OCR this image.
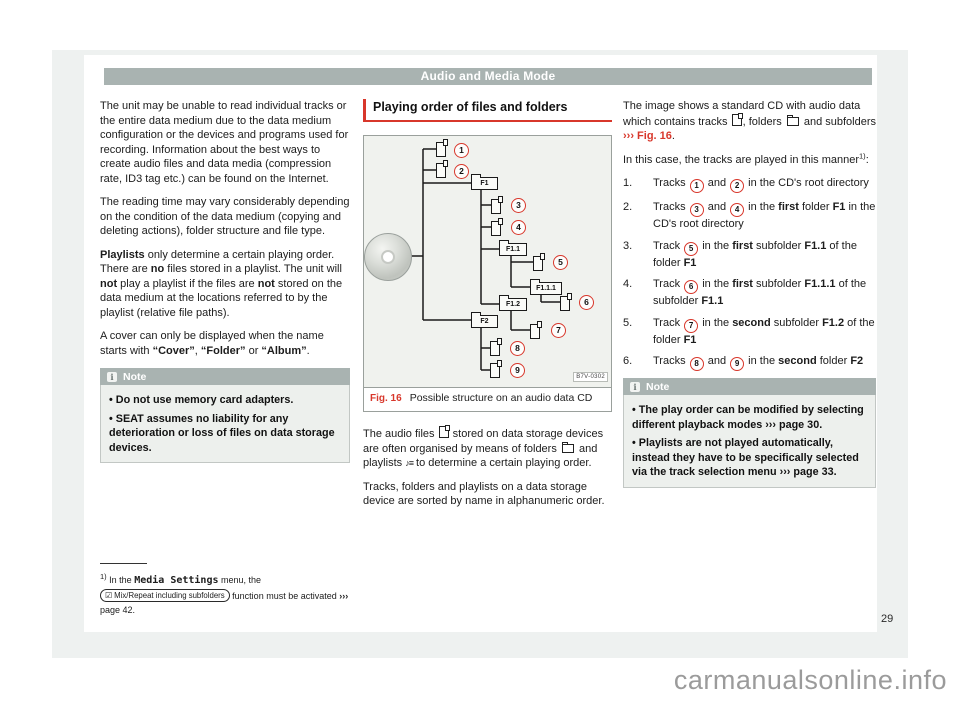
Audio and Media Mode

The unit may be unable to read individual tracks or the entire data medium due to the data medium configuration or the devices and programs used for recording. Information about the best ways to create audio files and data media (compression rate, ID3 tag etc.) can be found on the Internet.

The reading time may vary considerably depending on the condition of the data medium (copying and deleting actions), folder structure and file type.

Playlists only determine a certain playing order. There are no files stored in a playlist. The unit will not play a playlist if the files are not stored on the data medium at the locations referred to by the playlist (relative file paths).

A cover can only be displayed when the name starts with “Cover”, “Folder” or “Album”.

i Note

• Do not use memory card adapters.

• SEAT assumes no liability for any deterioration or loss of files on data storage devices.

Playing order of files and folders
1
2
3
4
5
6
7
8
9
F1
F1.1
F1.1.1
F1.2
F2
B7V-0302
Fig. 16 Possible structure on an audio data CD

The audio files  stored on data storage devices are often organised by means of folders  and playlists ♪≡ to determine a certain playing order.

Tracks, folders and playlists on a data storage device are sorted by name in alphanumeric order.

The image shows a standard CD with audio data which contains tracks , folders  and subfolders ››› Fig. 16.

In this case, the tracks are played in this manner$^{1)}$:

1.	Tracks 1 and 2 in the CD's root directory
2.	Tracks 3 and 4 in the first folder F1 in the CD's root directory
3.	Track 5 in the first subfolder F1.1 of the folder F1
4.	Track 6 in the first subfolder F1.1.1 of the subfolder F1.1
5.	Track 7 in the second subfolder F1.2 of the folder F1
6.	Tracks 8 and 9 in the second folder F2
i Note

• The play order can be modified by selecting different playback modes ››› page 30.

• Playlists are not played automatically, instead they have to be specifically selected via the track selection menu ››› page 33.

$^{1)}$ In the Media Settings menu, the ☑ Mix/Repeat including subfolders function must be activated ››› page 42.
29
carmanualsonline.info
